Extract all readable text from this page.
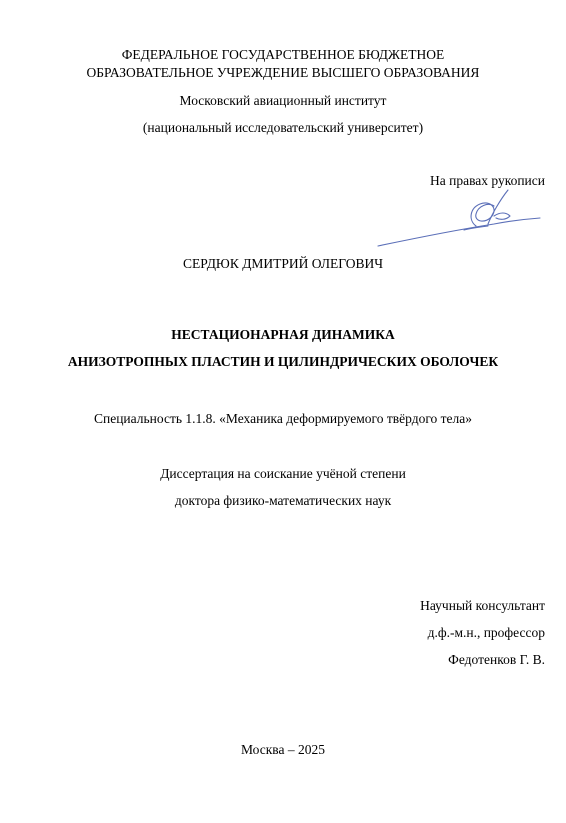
ФЕДЕРАЛЬНОЕ ГОСУДАРСТВЕННОЕ БЮДЖЕТНОЕ
ОБРАЗОВАТЕЛЬНОЕ УЧРЕЖДЕНИЕ ВЫСШЕГО ОБРАЗОВАНИЯ
Московский авиационный институт
(национальный исследовательский университет)
На правах рукописи
СЕРДЮК ДМИТРИЙ ОЛЕГОВИЧ
НЕСТАЦИОНАРНАЯ ДИНАМИКА
АНИЗОТРОПНЫХ ПЛАСТИН И ЦИЛИНДРИЧЕСКИХ ОБОЛОЧЕК
Специальность 1.1.8. «Механика деформируемого твёрдого тела»
Диссертация на соискание учёной степени
доктора физико-математических наук
Научный консультант
д.ф.-м.н., профессор
Федотенков Г. В.
Москва – 2025
